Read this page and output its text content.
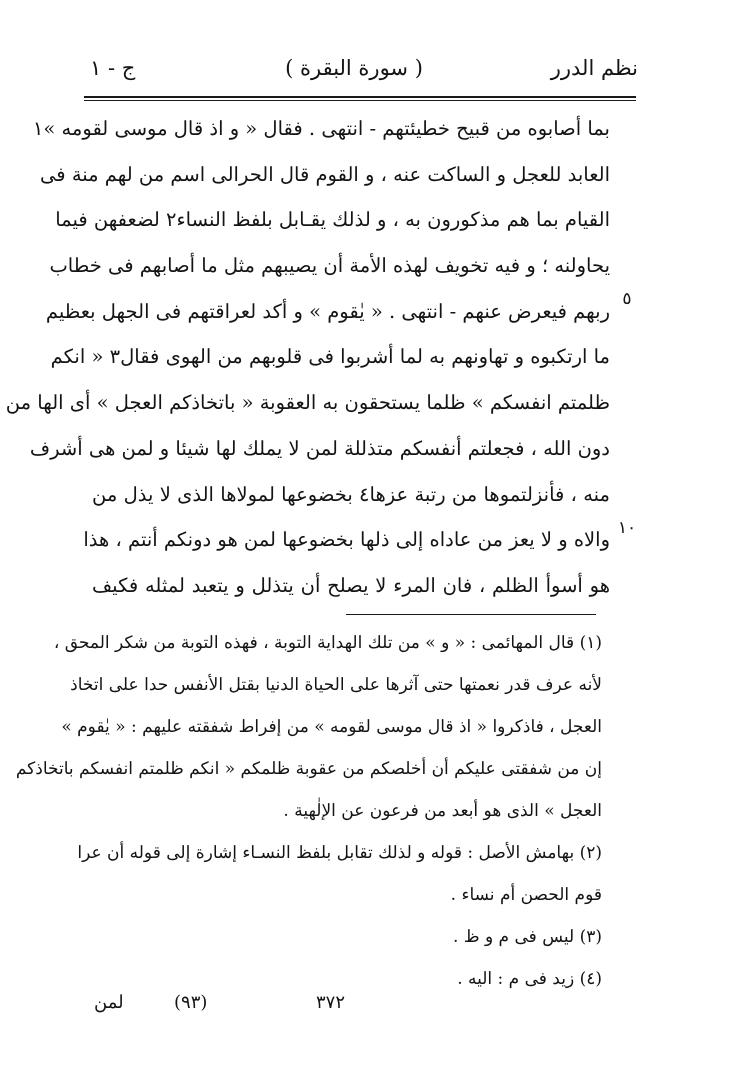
نظم الدرر
( سورة البقرة )
ج - ١
بما أصابوه من قبيح خطيئتهم - انتهى . فقال « و اذ قال موسى لقومه »١
العابد للعجل و الساكت عنه ، و القوم قال الحرالى اسم من لهم منة فى
القيام بما هم مذكورون به ، و لذلك يقـابل بلفظ النساء٢ لضعفهن فيما
يحاولنه ؛ و فيه تخويف لهذه الأمة أن يصيبهم مثل ما أصابهم فى خطاب
ربهم فيعرض عنهم - انتهى . « يٰقوم » و أكد لعراقتهم فى الجهل بعظيم
ما ارتكبوه و تهاونهم به لما أشربوا فى قلوبهم من الهوى فقال٣ « انكم
ظلمتم انفسكم » ظلما يستحقون به العقوبة « باتخاذكم العجل » أى الها من
دون الله ، فجعلتم أنفسكم متذللة لمن لا يملك لها شيئا و لمن هى أشرف
منه ، فأنزلتموها من رتبة عزها٤ بخضوعها لمولاها الذى لا يذل من
والاه و لا يعز من عاداه إلى ذلها بخضوعها لمن هو دونكم أنتم ، هذا
هو أسوأ الظلم ، فان المرء لا يصلح أن يتذلل و يتعبد لمثله فكيف
٥
١٠
(١) قال المهائمى : « و » من تلك الهداية التوبة ، فهذه التوبة من شكر المحق ،
لأنه عرف قدر نعمتها حتى آثرها على الحياة الدنيا بقتل الأنفس حدا على اتخاذ
العجل ، فاذكروا « اذ قال موسى لقومه » من إفراط شفقته عليهم : « يٰقوم »
إن من شفقتى عليكم أن أخلصكم من عقوبة ظلمكم « انكم ظلمتم انفسكم باتخاذكم
العجل » الذى هو أبعد من فرعون عن الإلٰهية .
(٢) بهامش الأصل : قوله و لذلك تقابل بلفظ النسـاء إشارة إلى قوله أن عرا
قوم الحصن أم نساء .
(٣) ليس فى م و ظ .
(٤) زيد فى م : اليه .
٣٧٢
(٩٣)
لمن
